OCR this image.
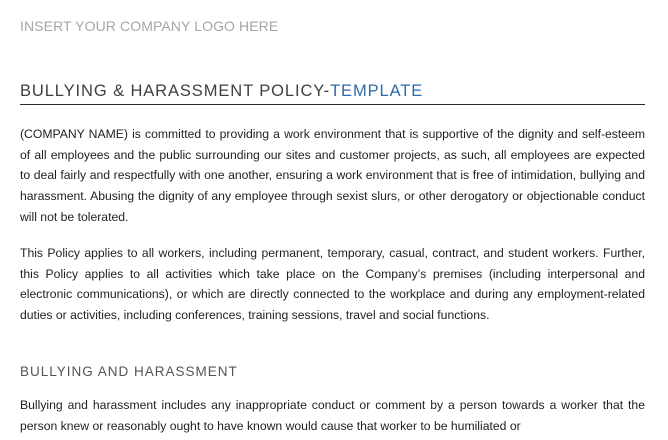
INSERT YOUR COMPANY LOGO HERE
BULLYING & HARASSMENT POLICY-TEMPLATE

(COMPANY NAME) is committed to providing a work environment that is supportive of the dignity and self-esteem of all employees and the public surrounding our sites and customer projects, as such, all employees are expected to deal fairly and respectfully with one another, ensuring a work environment that is free of intimidation, bullying and harassment. Abusing the dignity of any employee through sexist slurs, or other derogatory or objectionable conduct will not be tolerated.

This Policy applies to all workers, including permanent, temporary, casual, contract, and student workers. Further, this Policy applies to all activities which take place on the Company’s premises (including interpersonal and electronic communications), or which are directly connected to the workplace and during any employment-related duties or activities, including conferences, training sessions, travel and social functions.

BULLYING AND HARASSMENT

Bullying and harassment includes any inappropriate conduct or comment by a person towards a worker that the person knew or reasonably ought to have known would cause that worker to be humiliated or
